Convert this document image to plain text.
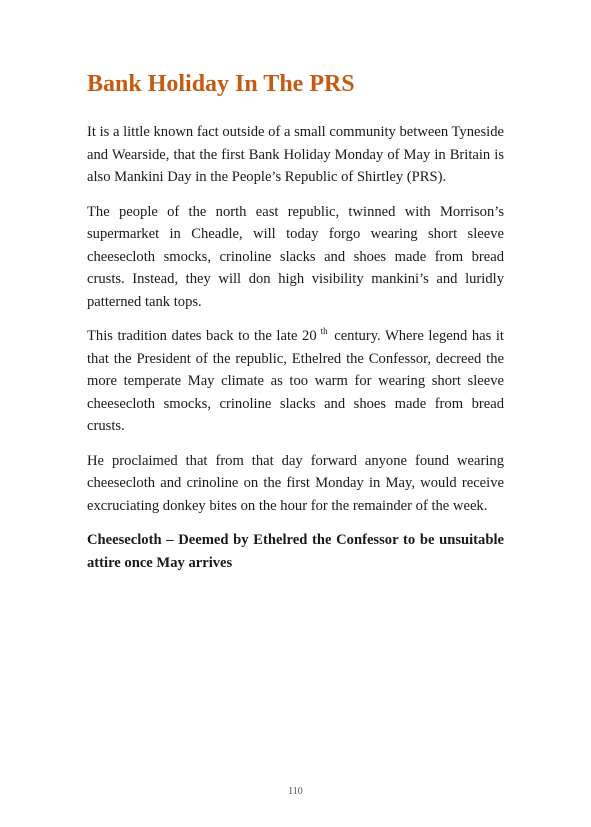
Bank Holiday In The PRS

It is a little known fact outside of a small community between Tyneside and Wearside, that the first Bank Holiday Monday of May in Britain is also Mankini Day in the People’s Republic of Shirtley (PRS).

The people of the north east republic, twinned with Morrison’s supermarket in Cheadle, will today forgo wearing short sleeve cheesecloth smocks, crinoline slacks and shoes made from bread crusts. Instead, they will don high visibility mankini’s and luridly patterned tank tops.

This tradition dates back to the late 20 $^{th}$ century. Where legend has it that the President of the republic, Ethelred the Confessor, decreed the more temperate May climate as too warm for wearing short sleeve cheesecloth smocks, crinoline slacks and shoes made from bread crusts.

He proclaimed that from that day forward anyone found wearing cheesecloth and crinoline on the first Monday in May, would receive excruciating donkey bites on the hour for the remainder of the week.

Cheesecloth – Deemed by Ethelred the Confessor to be unsuitable attire once May arrives

110
